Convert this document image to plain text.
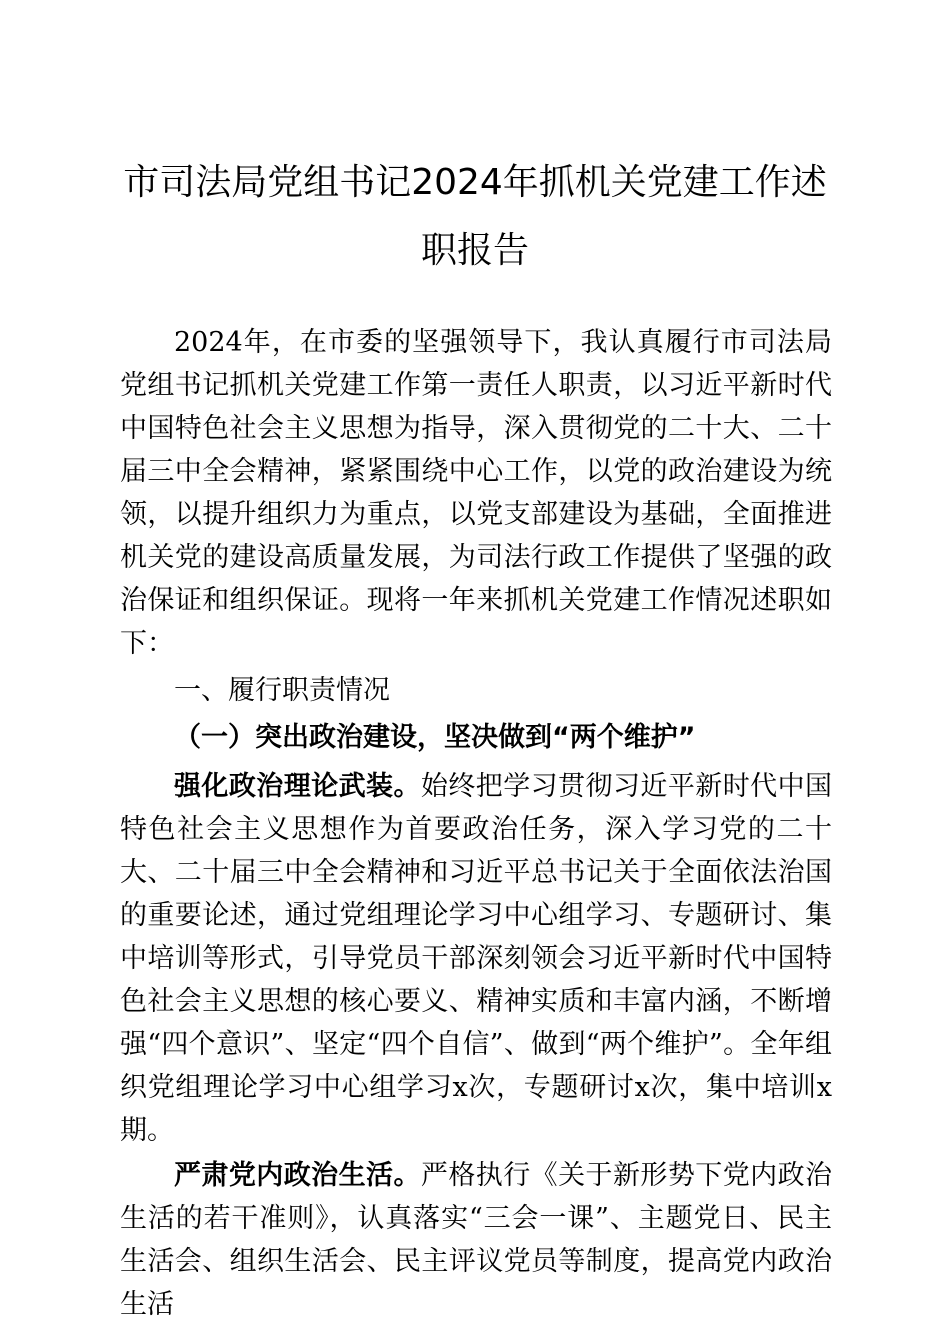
市司法局党组书记2024年抓机关党建工作述
职报告

2024年，在市委的坚强领导下，我认真履行市司法局党组书记抓机关党建工作第一责任人职责，以习近平新时代中国特色社会主义思想为指导，深入贯彻党的二十大、二十届三中全会精神，紧紧围绕中心工作，以党的政治建设为统领，以提升组织力为重点，以党支部建设为基础，全面推进机关党的建设高质量发展，为司法行政工作提供了坚强的政治保证和组织保证。现将一年来抓机关党建工作情况述职如下：

一、履行职责情况

（一）突出政治建设，坚决做到“两个维护”

强化政治理论武装。始终把学习贯彻习近平新时代中国特色社会主义思想作为首要政治任务，深入学习党的二十大、二十届三中全会精神和习近平总书记关于全面依法治国的重要论述，通过党组理论学习中心组学习、专题研讨、集中培训等形式，引导党员干部深刻领会习近平新时代中国特色社会主义思想的核心要义、精神实质和丰富内涵，不断增强“四个意识”、坚定“四个自信”、做到“两个维护”。全年组织党组理论学习中心组学习x次，专题研讨x次，集中培训x期。

严肃党内政治生活。严格执行《关于新形势下党内政治生活的若干准则》，认真落实“三会一课”、主题党日、民主生活会、组织生活会、民主评议党员等制度，提高党内政治生活
